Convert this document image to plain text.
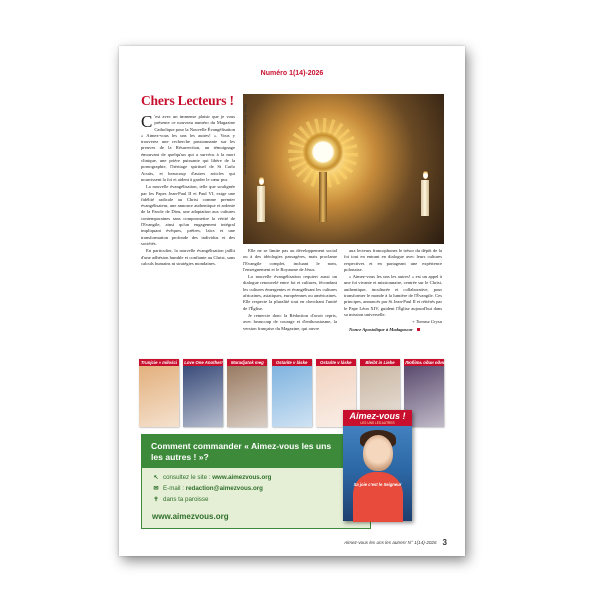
Numéro 1(14)-2026
Chers Lecteurs !
Photo : Robert Cutts/Unsplash / Shutterstock.com

C 'est avec un immense plaisir que je vous présente ce nouveau numéro du Magazine Catholique pour la Nouvelle Évangélisation « Aimez-vous les uns les autres! ». Vous y trouverez une recherche passionnante sur les preuves de la Résurrection, un témoignage émouvant de quelqu'un qui a survécu à la mort clinique, une prière puissante qui libère de la pornographie, l'héritage spirituel de St Carlo Acutis, et beaucoup d'autres articles qui nourrissent la foi et aident à garder le cœur pur.

La nouvelle évangélisation, telle que soulignée par les Papes Jean-Paul II et Paul VI, exige une fidélité radicale au Christ comme premier évangélisateur, une annonce authentique et ardente de la Parole de Dieu, une adaptation aux cultures contemporaines sans compromettre la vérité de l'Evangile, ainsi qu'un engagement intégral impliquant évêques, prêtres, laïcs et une transformation profonde des individus et des sociétés.

En particulier, la nouvelle évangélisation jaillit d'une adhésion humble et confiante au Christ, sans calculs humains ni stratégies mondaines.

Elle ne se limite pas au développement social ou à des idéologies passagères, mais proclame l'Evangile complet, incluant le nom, l'enseignement et le Royaume de Jésus.

La nouvelle évangélisation requiert aussi un dialogue renouvelé entre foi et cultures, fécondant les cultures émergentes et évangélisant les cultures africaines, asiatiques, européennes ou américaines. Elle respecte la pluralité tout en cherchant l'unité de l'Église.

Je remercie donc la Rédaction d'avoir repris, avec beaucoup de courage et d'enthousiasme, la version française du Magazine, qui ouvre

aux lecteurs francophones le trésor du dépôt de la foi tout en entrant en dialogue avec leurs cultures respectives et en partageant une expérience polonaise.

« Aimez-vous les uns les autres! » est un appel à une foi vivante et missionnaire, centrée sur le Christ, authentique, inculturée et collaborative, pour transformer le monde à la lumière de l'Évangile. Ces principes, annoncés par St Jean-Paul II et réitérés par le Pape Léon XIV, guident l'Église aujourd'hui dans sa mission universelle.

+ Tomasz Grysa

Nonce Apostolique à Madagascar

Trunjcie » miłości Love One Another!	Maradjatok meg	Ostańte v láske	Ostańte v láske	Bleibt in Liebe	Любіть один одного!
Comment commander « Aimez-vous les uns les autres ! »?
↖ consultez le site : www.aimezvous.org
✉ E-mail : redaction@aimezvous.org
✝ dans ta paroisse
www.aimezvous.org
Aimez-vous !
LES UNS LES AUTRES
Sa joie c'est le Seigneur
Aimez-vous les uns les autres! N° 1(14)-2026 3
